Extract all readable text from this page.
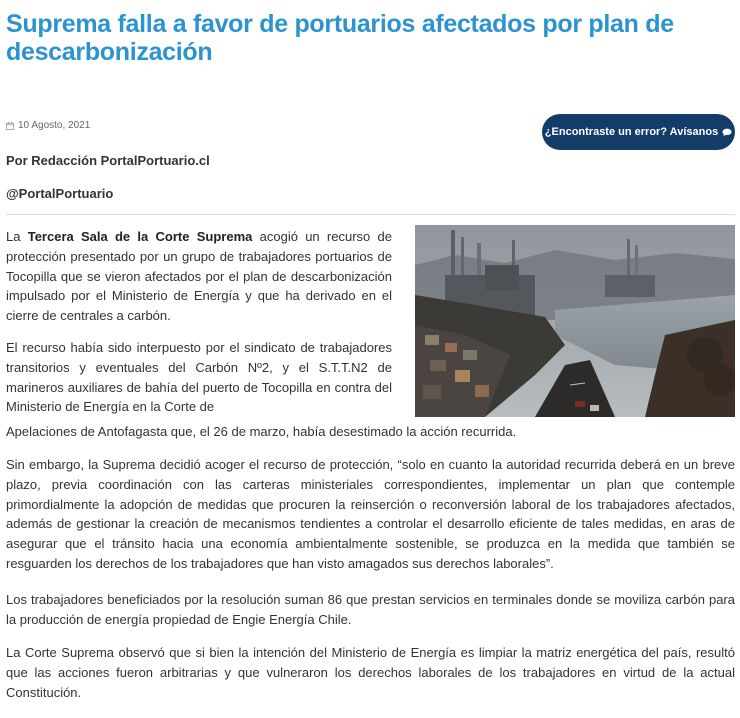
Suprema falla a favor de portuarios afectados por plan de descarbonización
10 Agosto, 2021
¿Encontraste un error? Avísanos
Por Redacción PortalPortuario.cl
@PortalPortuario

La Tercera Sala de la Corte Suprema acogió un recurso de protección presentado por un grupo de trabajadores portuarios de Tocopilla que se vieron afectados por el plan de descarbonización impulsado por el Ministerio de Energía y que ha derivado en el cierre de centrales a carbón.

El recurso había sido interpuesto por el sindicato de trabajadores transitorios y eventuales del Carbón Nº2, y el S.T.T.N2 de marineros auxiliares de bahía del puerto de Tocopilla en contra del Ministerio de Energía en la Corte de

Apelaciones de Antofagasta que, el 26 de marzo, había desestimado la acción recurrida.

Sin embargo, la Suprema decidió acoger el recurso de protección, “solo en cuanto la autoridad recurrida deberá en un breve plazo, previa coordinación con las carteras ministeriales correspondientes, implementar un plan que contemple primordialmente la adopción de medidas que procuren la reinserción o reconversión laboral de los trabajadores afectados, además de gestionar la creación de mecanismos tendientes a controlar el desarrollo eficiente de tales medidas, en aras de asegurar que el tránsito hacia una economía ambientalmente sostenible, se produzca en la medida que también se resguarden los derechos de los trabajadores que han visto amagados sus derechos laborales”.

Los trabajadores beneficiados por la resolución suman 86 que prestan servicios en terminales donde se moviliza carbón para la producción de energía propiedad de Engie Energía Chile.

La Corte Suprema observó que si bien la intención del Ministerio de Energía es limpiar la matriz energética del país, resultó que las acciones fueron arbitrarias y que vulneraron los derechos laborales de los trabajadores en virtud de la actual Constitución.
